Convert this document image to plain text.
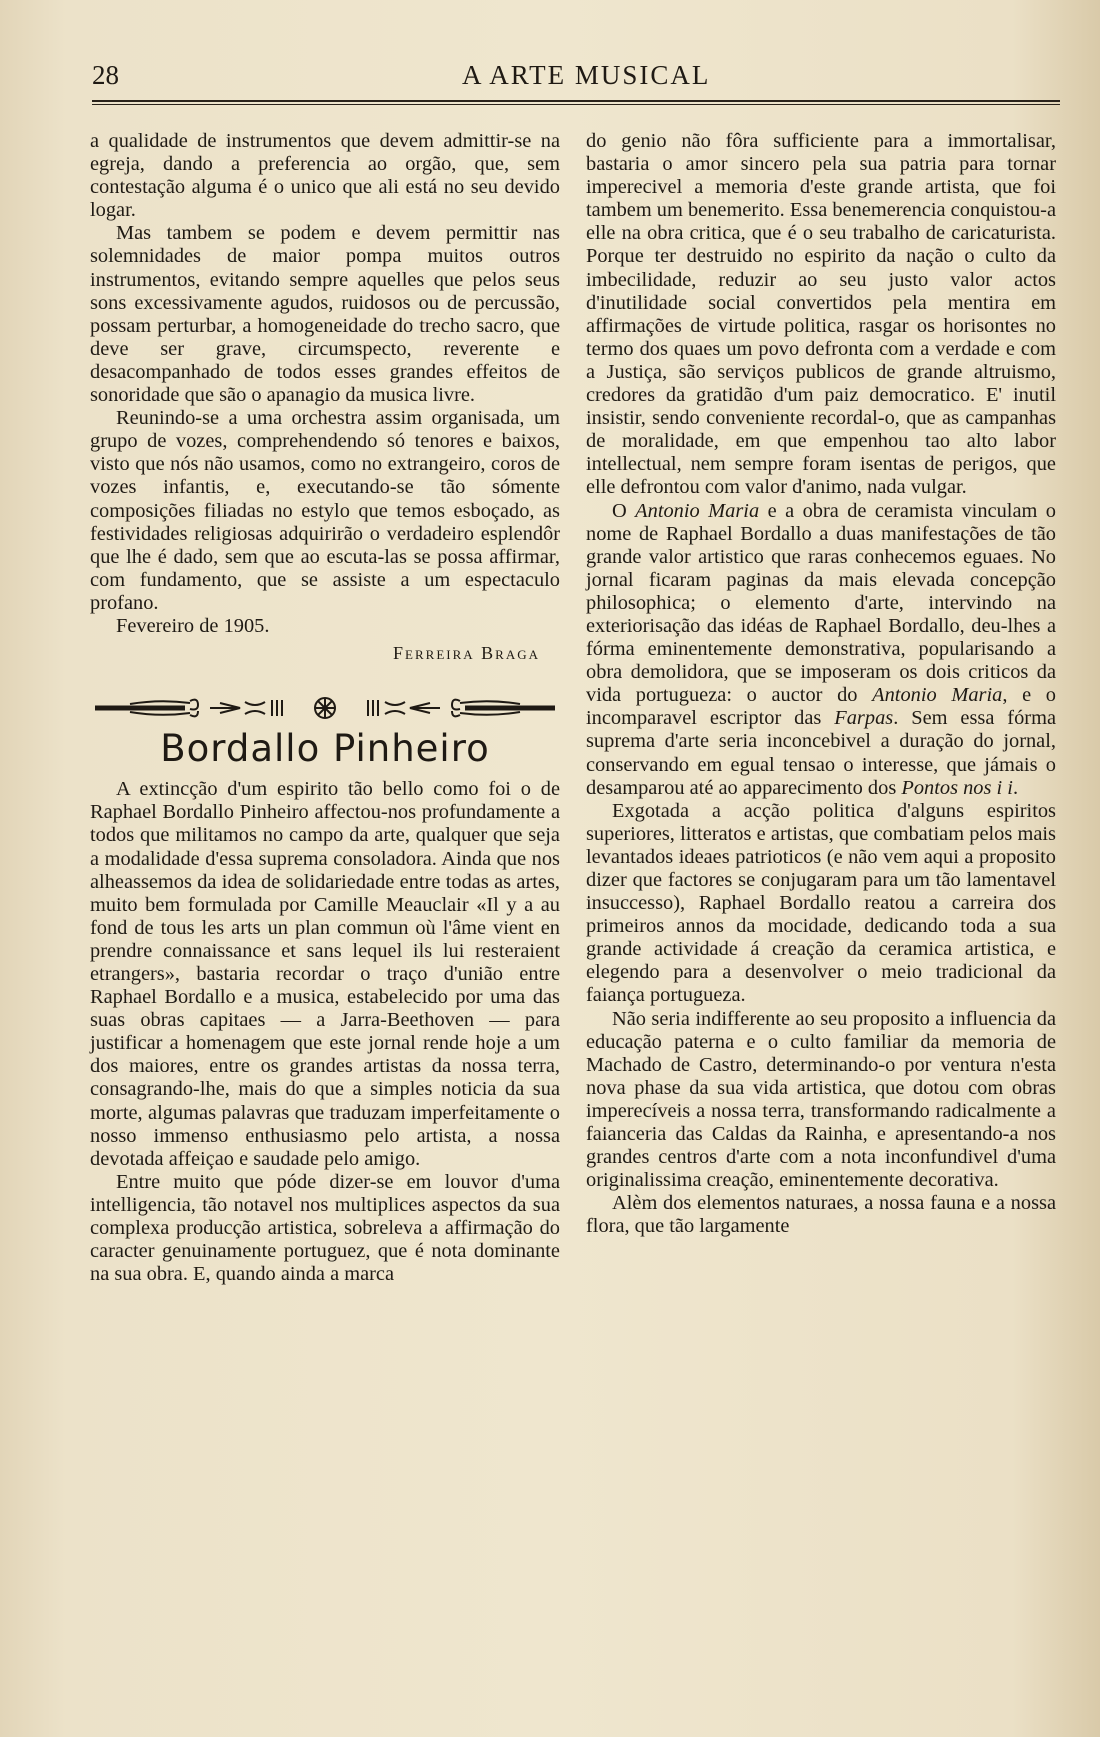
28	A ARTE MUSICAL

a qualidade de instrumentos que devem admittir-se na egreja, dando a preferencia ao orgão, que, sem contestação alguma é o unico que ali está no seu devido logar.

Mas tambem se podem e devem permittir nas solemnidades de maior pompa muitos outros instrumentos, evitando sempre aquelles que pelos seus sons excessivamente agudos, ruidosos ou de percussão, possam perturbar, a homogeneidade do trecho sacro, que deve ser grave, circumspecto, reverente e desacompanhado de todos esses grandes effeitos de sonoridade que são o apanagio da musica livre.

Reunindo-se a uma orchestra assim organisada, um grupo de vozes, comprehendendo só tenores e baixos, visto que nós não usamos, como no extrangeiro, coros de vozes infantis, e, executando-se tão sómente composições filiadas no estylo que temos esboçado, as festividades religiosas adquirirão o verdadeiro esplendôr que lhe é dado, sem que ao escuta-las se possa affirmar, com fundamento, que se assiste a um espectaculo profano.

Fevereiro de 1905.

Ferreira Braga
Bordallo Pinheiro

A extincção d'um espirito tão bello como foi o de Raphael Bordallo Pinheiro affectou-nos profundamente a todos que militamos no campo da arte, qualquer que seja a modalidade d'essa suprema consoladora. Ainda que nos alheassemos da idea de solidariedade entre todas as artes, muito bem formulada por Camille Meauclair «Il y a au fond de tous les arts un plan commun où l'âme vient en prendre connaissance et sans lequel ils lui resteraient etrangers», bastaria recordar o traço d'união entre Raphael Bordallo e a musica, estabelecido por uma das suas obras capitaes — a Jarra-Beethoven — para justificar a homenagem que este jornal rende hoje a um dos maiores, entre os grandes artistas da nossa terra, consagrando-lhe, mais do que a simples noticia da sua morte, algumas palavras que traduzam imperfeitamente o nosso immenso enthusiasmo pelo artista, a nossa devotada affeiçao e saudade pelo amigo.

Entre muito que póde dizer-se em louvor d'uma intelligencia, tão notavel nos multiplices aspectos da sua complexa producção artistica, sobreleva a affirmação do caracter genuinamente portuguez, que é nota dominante na sua obra. E, quando ainda a marca

do genio não fôra sufficiente para a immortalisar, bastaria o amor sincero pela sua patria para tornar imperecivel a memoria d'este grande artista, que foi tambem um benemerito. Essa benemerencia conquistou-a elle na obra critica, que é o seu trabalho de caricaturista. Porque ter destruido no espirito da nação o culto da imbecilidade, reduzir ao seu justo valor actos d'inutilidade social convertidos pela mentira em affirmações de virtude politica, rasgar os horisontes no termo dos quaes um povo defronta com a verdade e com a Justiça, são serviços publicos de grande altruismo, credores da gratidão d'um paiz democratico. E' inutil insistir, sendo conveniente recordal-o, que as campanhas de moralidade, em que empenhou tao alto labor intellectual, nem sempre foram isentas de perigos, que elle defrontou com valor d'animo, nada vulgar.

O Antonio Maria e a obra de ceramista vinculam o nome de Raphael Bordallo a duas manifestações de tão grande valor artistico que raras conhecemos eguaes. No jornal ficaram paginas da mais elevada concepção philosophica; o elemento d'arte, intervindo na exteriorisação das idéas de Raphael Bordallo, deu-lhes a fórma eminentemente demonstrativa, popularisando a obra demolidora, que se imposeram os dois criticos da vida portugueza: o auctor do Antonio Maria, e o incomparavel escriptor das Farpas. Sem essa fórma suprema d'arte seria inconcebivel a duração do jornal, conservando em egual tensao o interesse, que jámais o desamparou até ao apparecimento dos Pontos nos i i.

Exgotada a acção politica d'alguns espiritos superiores, litteratos e artistas, que combatiam pelos mais levantados ideaes patrioticos (e não vem aqui a proposito dizer que factores se conjugaram para um tão lamentavel insuccesso), Raphael Bordallo reatou a carreira dos primeiros annos da mocidade, dedicando toda a sua grande actividade á creação da ceramica artistica, e elegendo para a desenvolver o meio tradicional da faiança portugueza.

Não seria indifferente ao seu proposito a influencia da educação paterna e o culto familiar da memoria de Machado de Castro, determinando-o por ventura n'esta nova phase da sua vida artistica, que dotou com obras imperecíveis a nossa terra, transformando radicalmente a faianceria das Caldas da Rainha, e apresentando-a nos grandes centros d'arte com a nota inconfundivel d'uma originalissima creação, eminentemente decorativa.

Alèm dos elementos naturaes, a nossa fauna e a nossa flora, que tão largamente
